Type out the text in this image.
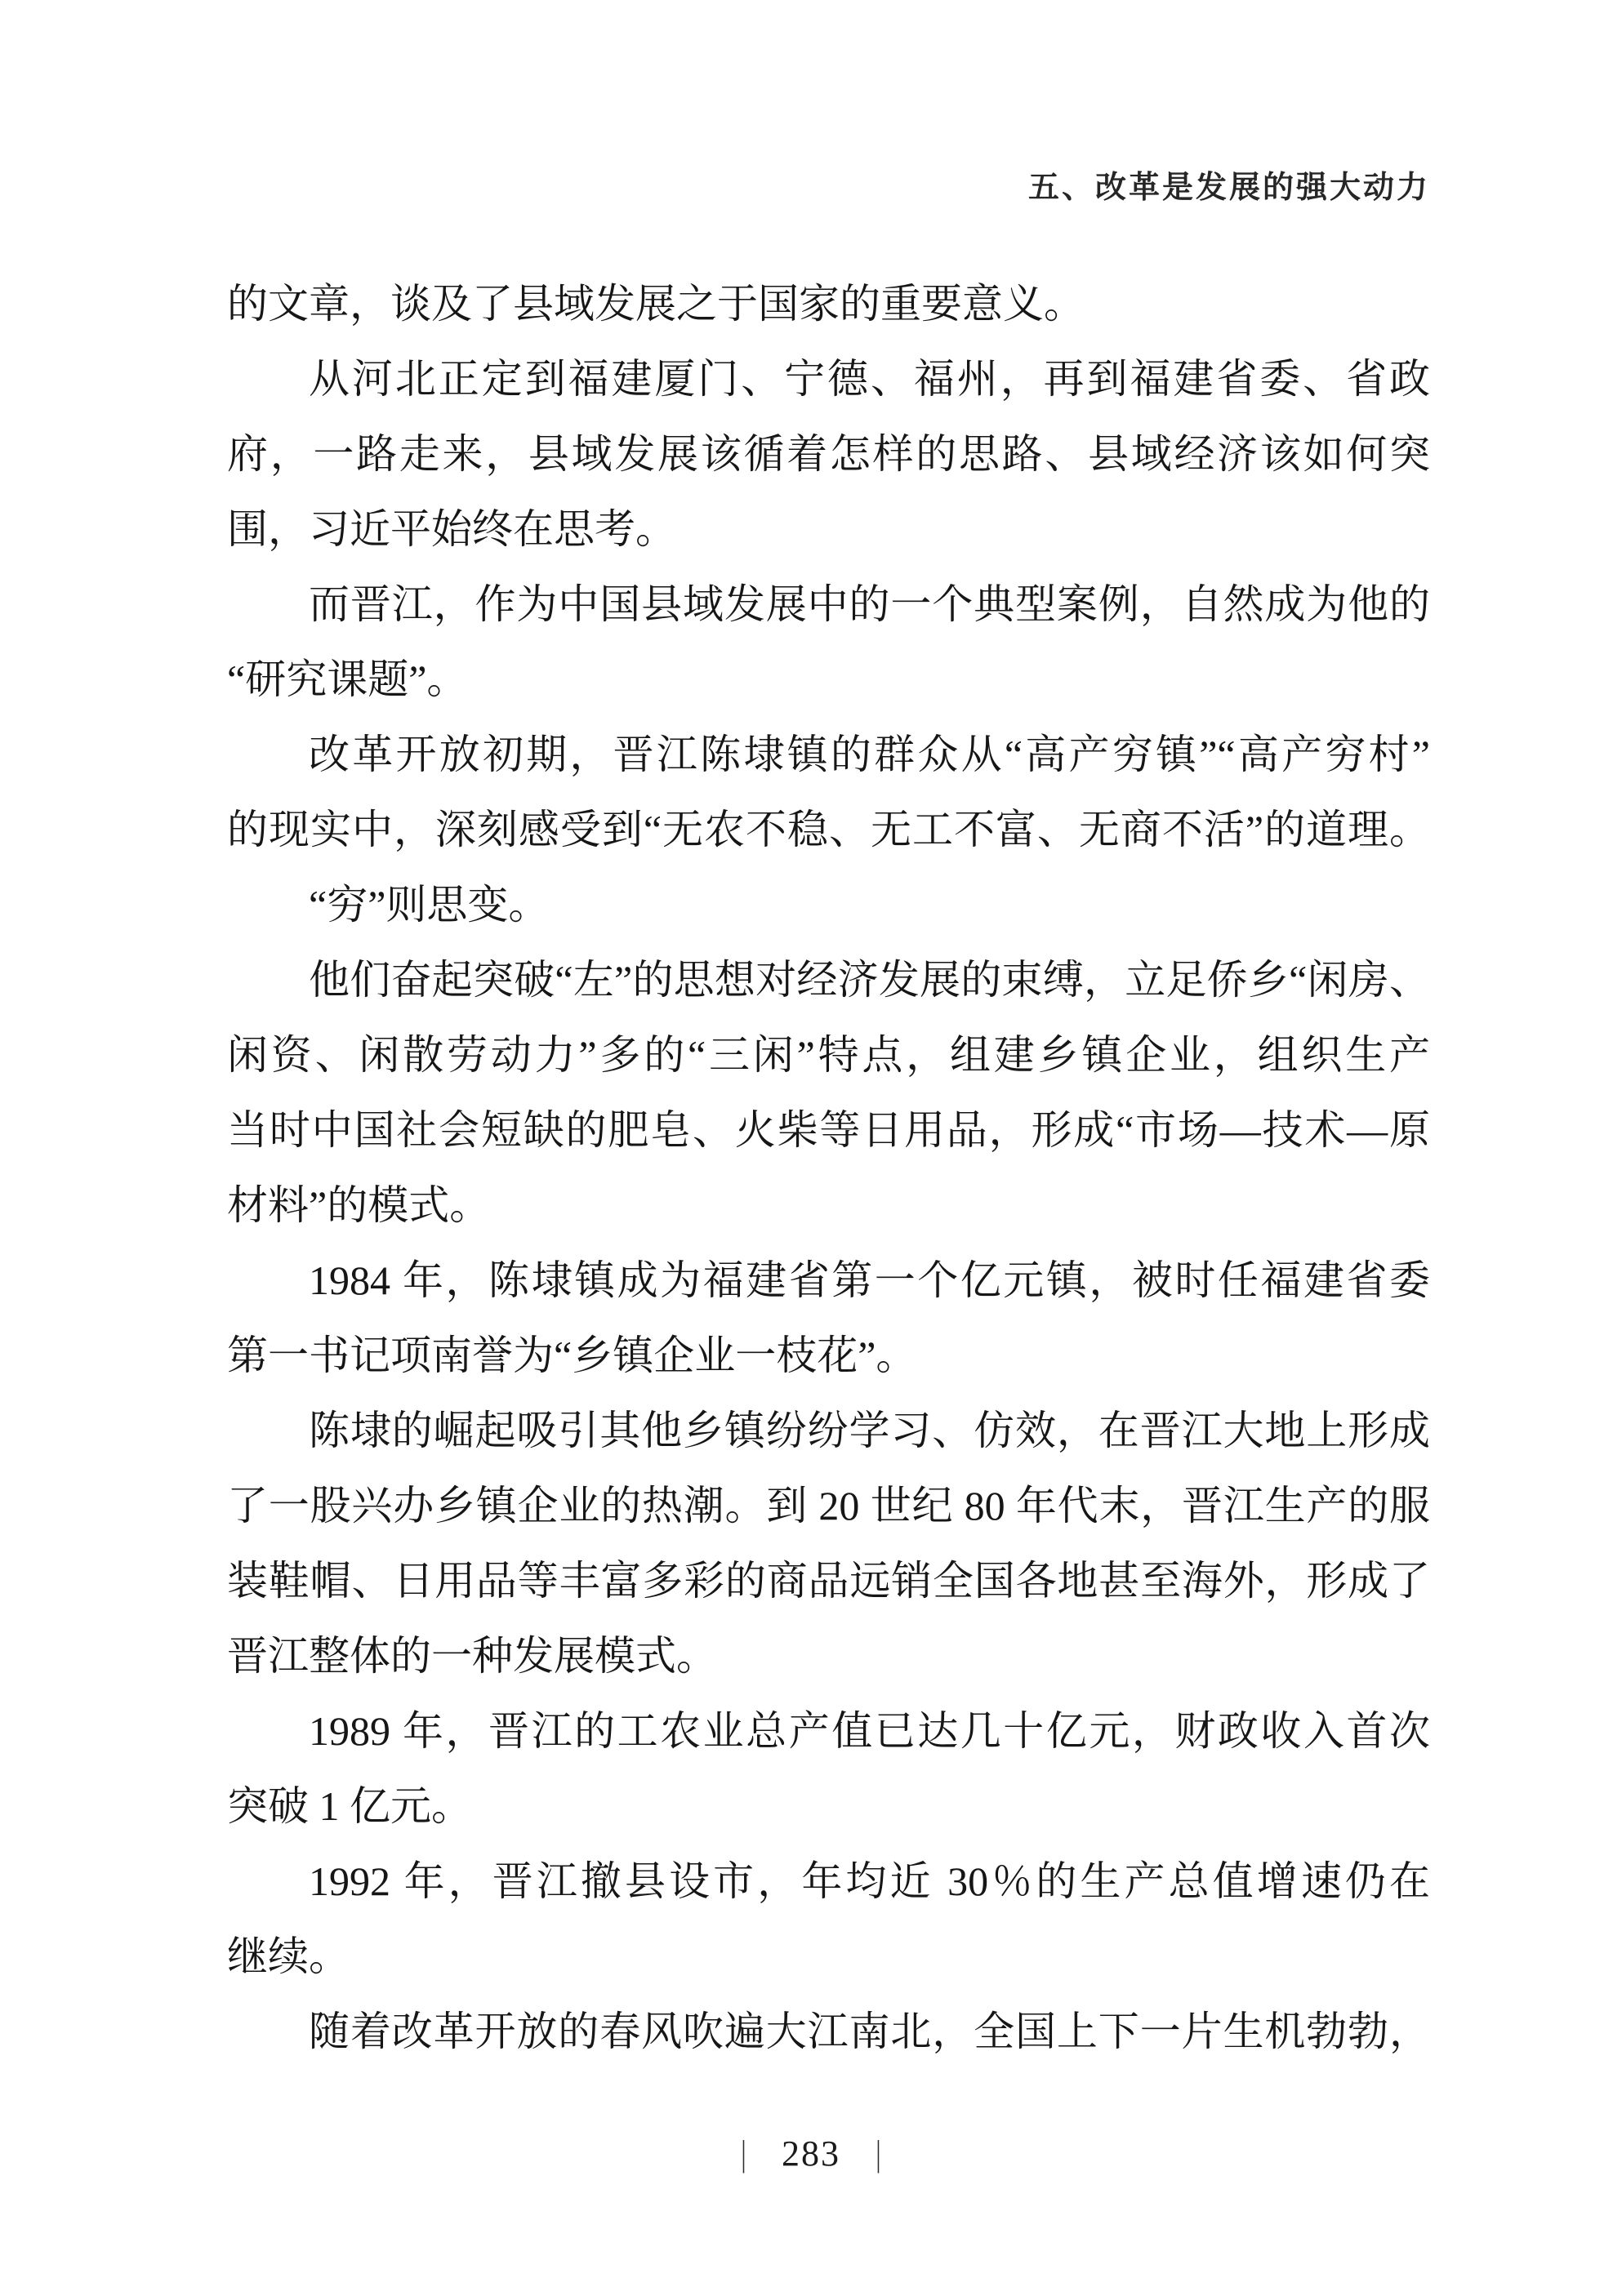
五、改革是发展的强大动力
的文章，谈及了县域发展之于国家的重要意义。
从河北正定到福建厦门、宁德、福州，再到福建省委、省政
府，一路走来，县域发展该循着怎样的思路、县域经济该如何突
围，习近平始终在思考。
而晋江，作为中国县域发展中的一个典型案例，自然成为他的
“研究课题”。
改革开放初期，晋江陈埭镇的群众从“高产穷镇”“高产穷村”
的现实中，深刻感受到“无农不稳、无工不富、无商不活”的道理。
“穷”则思变。
他们奋起突破“左”的思想对经济发展的束缚，立足侨乡“闲房、
闲资、闲散劳动力”多的“三闲”特点，组建乡镇企业，组织生产
当时中国社会短缺的肥皂、火柴等日用品，形成“市场—技术—原
材料”的模式。
1984 年，陈埭镇成为福建省第一个亿元镇，被时任福建省委
第一书记项南誉为“乡镇企业一枝花”。
陈埭的崛起吸引其他乡镇纷纷学习、仿效，在晋江大地上形成
了一股兴办乡镇企业的热潮。到 20 世纪 80 年代末，晋江生产的服
装鞋帽、日用品等丰富多彩的商品远销全国各地甚至海外，形成了
晋江整体的一种发展模式。
1989 年，晋江的工农业总产值已达几十亿元，财政收入首次
突破 1 亿元。
1992 年，晋江撤县设市，年均近 30％的生产总值增速仍在
继续。
随着改革开放的春风吹遍大江南北，全国上下一片生机勃勃，
| 283 |
